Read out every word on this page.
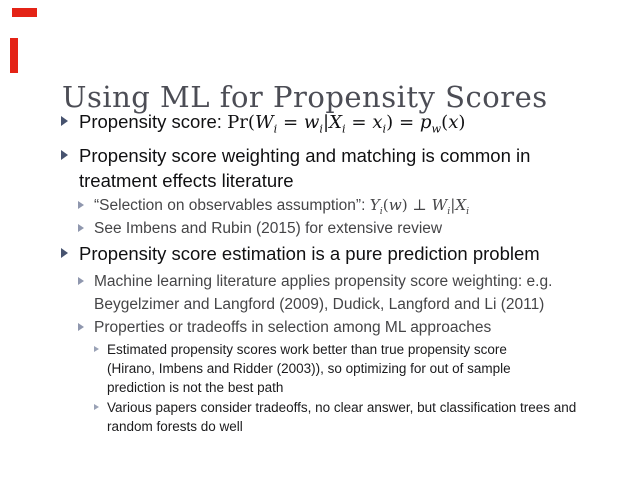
Using ML for Propensity Scores
Propensity score: $Pr(W_i = w_i|X_i = x_i) = p_w(x)$
Propensity score weighting and matching is common in treatment effects literature
“Selection on observables assumption”: $Y_i(w)$ ⊥ $W_i|X_i$
See Imbens and Rubin (2015) for extensive review
Propensity score estimation is a pure prediction problem
Machine learning literature applies propensity score weighting: e.g. Beygelzimer and Langford (2009), Dudick, Langford and Li (2011)
Properties or tradeoffs in selection among ML approaches
Estimated propensity scores work better than true propensity score (Hirano, Imbens and Ridder (2003)), so optimizing for out of sample prediction is not the best path
Various papers consider tradeoffs, no clear answer, but classification trees and random forests do well
